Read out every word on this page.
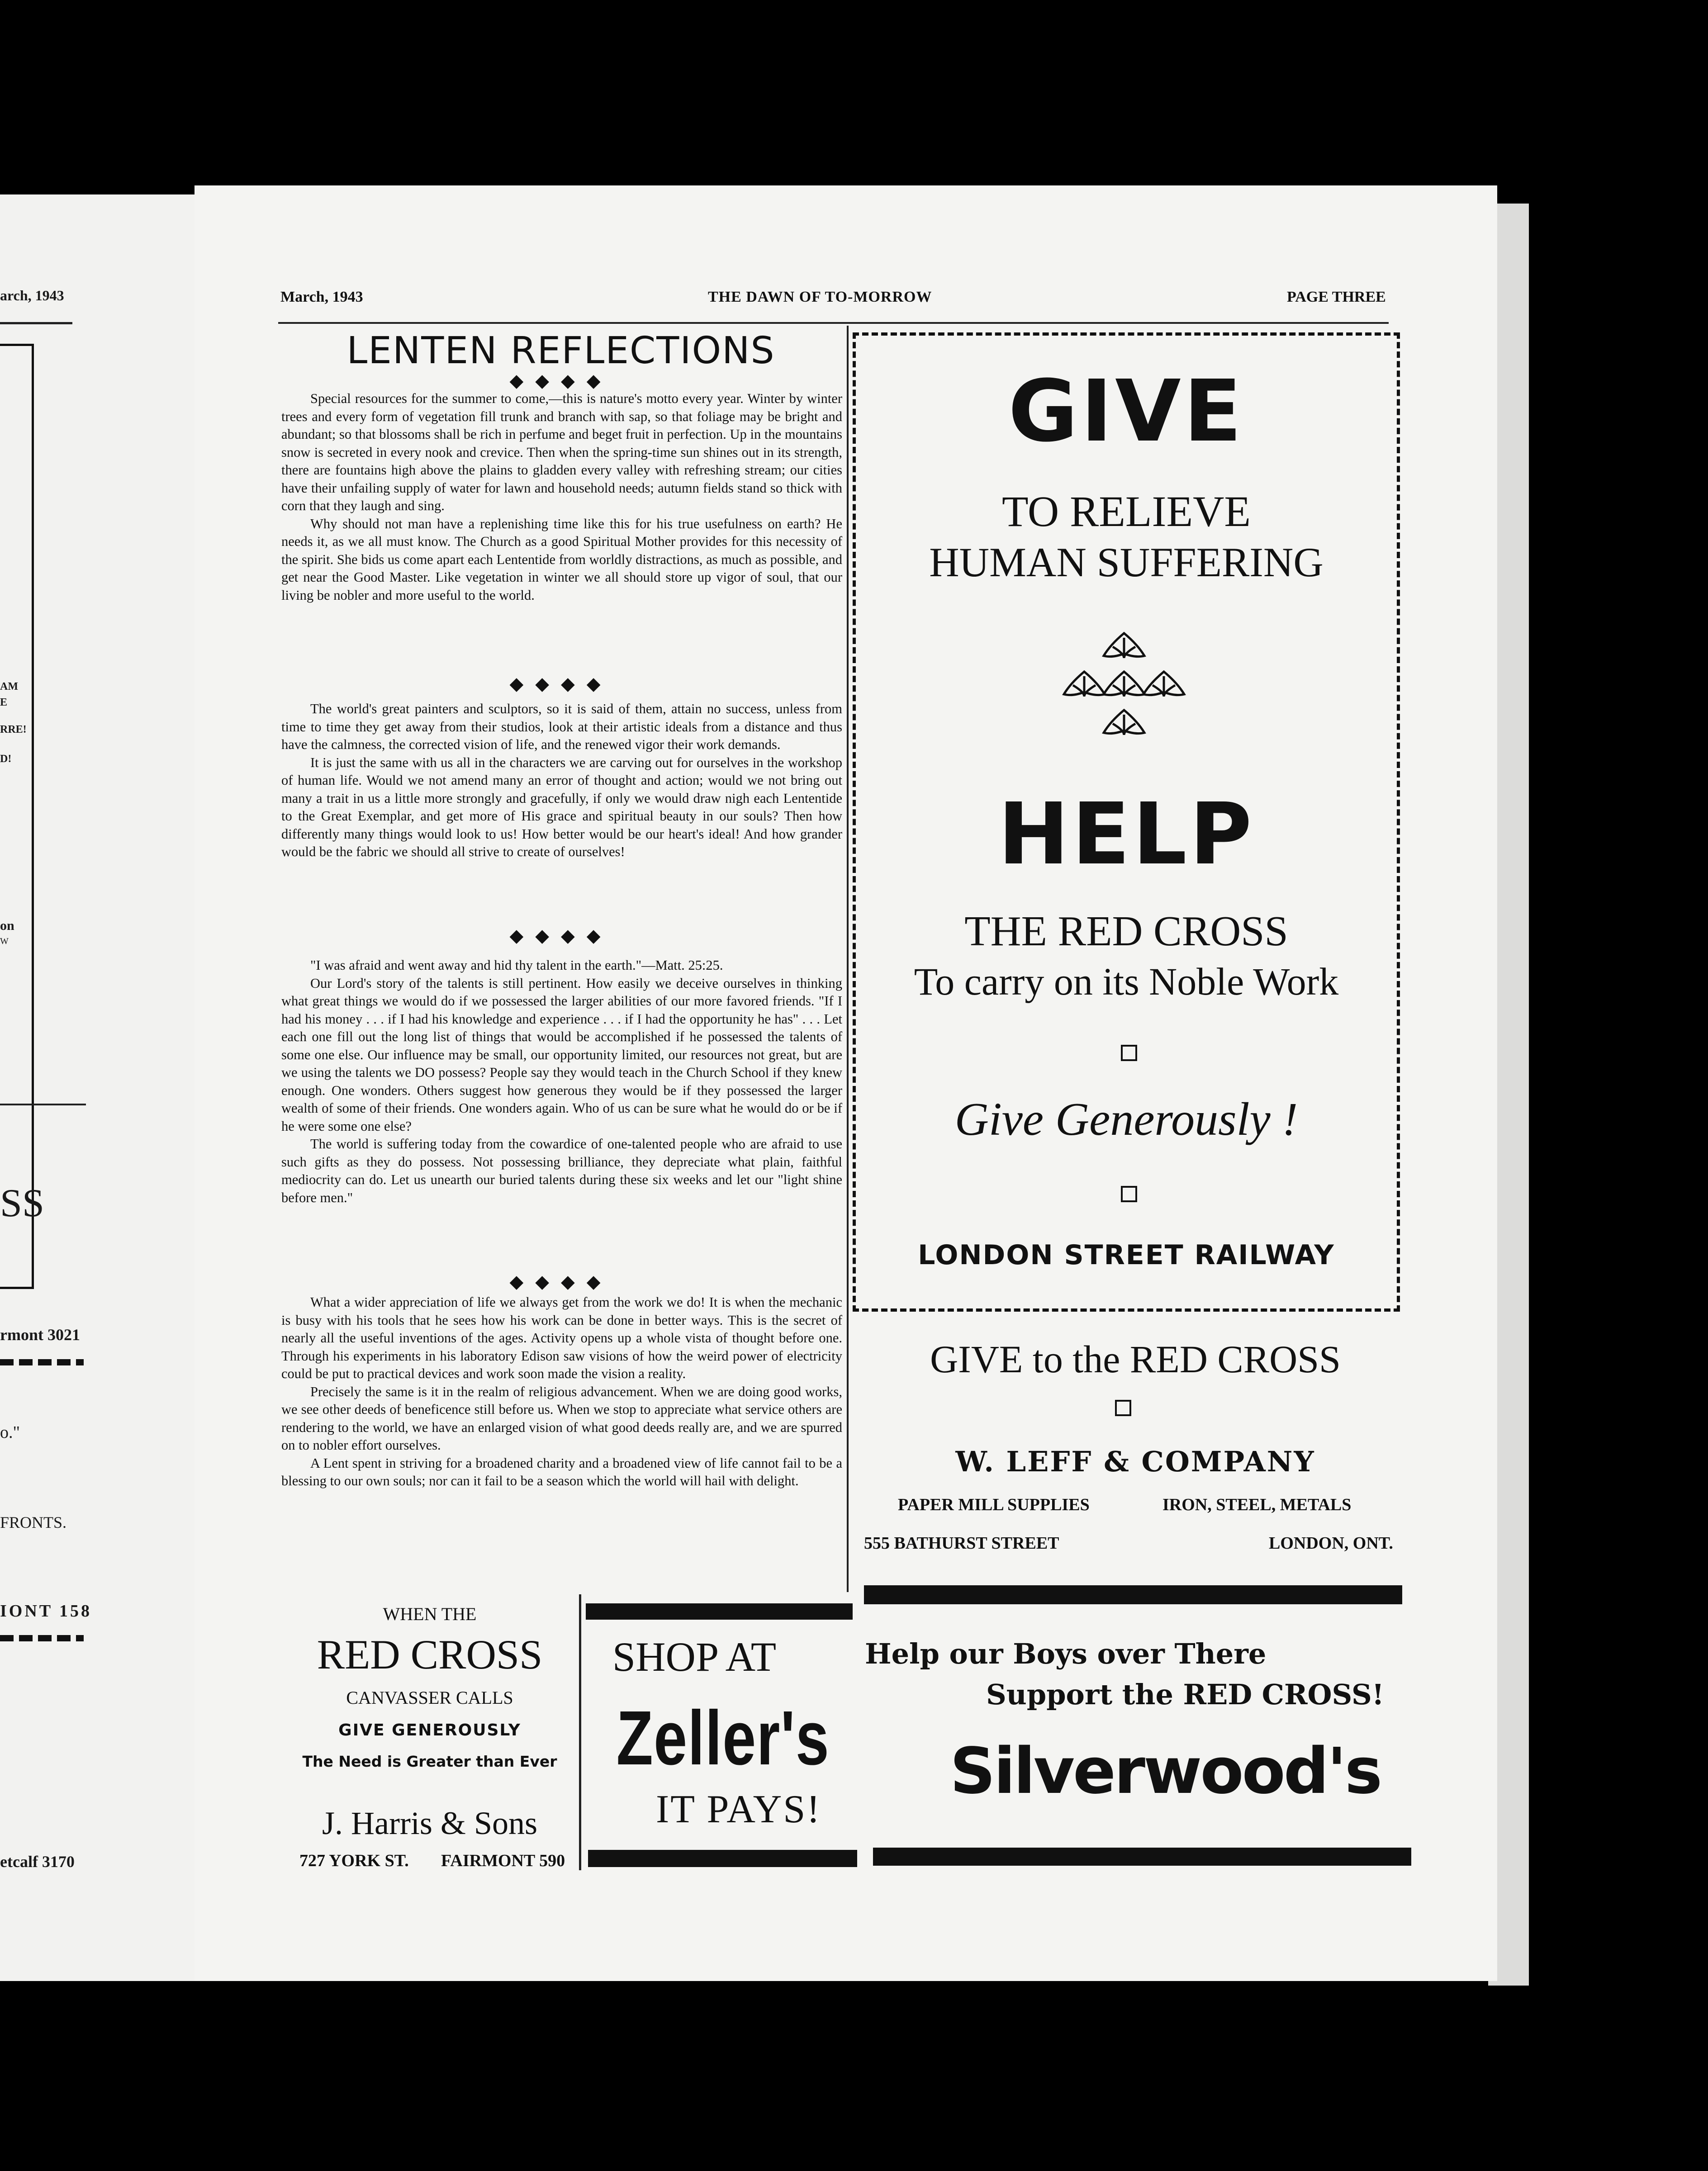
arch, 1943
AM
E
RRE!
D!
on
W
SS
rmont 3021
o."
FRONTS.
IONT 158
etcalf 3170
March, 1943	THE DAWN OF TO-MORROW	PAGE THREE
LENTEN REFLECTIONS
◆◆◆◆

Special resources for the summer to come,—this is nature's motto every year. Winter by winter trees and every form of vegetation fill trunk and branch with sap, so that foliage may be bright and abundant; so that blossoms shall be rich in perfume and beget fruit in perfection. Up in the mountains snow is secreted in every nook and crevice. Then when the spring-time sun shines out in its strength, there are fountains high above the plains to gladden every valley with refreshing stream; our cities have their unfailing supply of water for lawn and household needs; autumn fields stand so thick with corn that they laugh and sing.

Why should not man have a replenishing time like this for his true usefulness on earth? He needs it, as we all must know. The Church as a good Spiritual Mother provides for this necessity of the spirit. She bids us come apart each Lententide from worldly distractions, as much as possible, and get near the Good Master. Like vegetation in winter we all should store up vigor of soul, that our living be nobler and more useful to the world.

◆◆◆◆

The world's great painters and sculptors, so it is said of them, attain no success, unless from time to time they get away from their studios, look at their artistic ideals from a distance and thus have the calmness, the corrected vision of life, and the renewed vigor their work demands.

It is just the same with us all in the characters we are carving out for ourselves in the workshop of human life. Would we not amend many an error of thought and action; would we not bring out many a trait in us a little more strongly and gracefully, if only we would draw nigh each Lententide to the Great Exemplar, and get more of His grace and spiritual beauty in our souls? Then how differently many things would look to us! How better would be our heart's ideal! And how grander would be the fabric we should all strive to create of ourselves!

◆◆◆◆

"I was afraid and went away and hid thy talent in the earth."—Matt. 25:25.

Our Lord's story of the talents is still pertinent. How easily we deceive ourselves in thinking what great things we would do if we possessed the larger abilities of our more favored friends. "If I had his money . . . if I had his knowledge and experience . . . if I had the opportunity he has" . . . Let each one fill out the long list of things that would be accomplished if he possessed the talents of some one else. Our influence may be small, our opportunity limited, our resources not great, but are we using the talents we DO possess? People say they would teach in the Church School if they knew enough. One wonders. Others suggest how generous they would be if they possessed the larger wealth of some of their friends. One wonders again. Who of us can be sure what he would do or be if he were some one else?

The world is suffering today from the cowardice of one-talented people who are afraid to use such gifts as they do possess. Not possessing brilliance, they depreciate what plain, faithful mediocrity can do. Let us unearth our buried talents during these six weeks and let our "light shine before men."

◆◆◆◆

What a wider appreciation of life we always get from the work we do! It is when the mechanic is busy with his tools that he sees how his work can be done in better ways. This is the secret of nearly all the useful inventions of the ages. Activity opens up a whole vista of thought before one. Through his experiments in his laboratory Edison saw visions of how the weird power of electricity could be put to practical devices and work soon made the vision a reality.

Precisely the same is it in the realm of religious advancement. When we are doing good works, we see other deeds of beneficence still before us. When we stop to appreciate what service others are rendering to the world, we have an enlarged vision of what good deeds really are, and we are spurred on to nobler effort ourselves.

A Lent spent in striving for a broadened charity and a broadened view of life cannot fail to be a blessing to our own souls; nor can it fail to be a season which the world will hail with delight.

GIVE
TO RELIEVE
HUMAN SUFFERING
HELP
THE RED CROSS
To carry on its Noble Work
Give Generously !
LONDON STREET RAILWAY
GIVE to the RED CROSS
W. LEFF & COMPANY
PAPER MILL SUPPLIES	IRON, STEEL, METALS
555 BATHURST STREET	LONDON, ONT.
Help our Boys over There
Support the RED CROSS!
Silverwood's
WHEN THE
RED CROSS
CANVASSER CALLS
GIVE GENEROUSLY
The Need is Greater than Ever
J. Harris & Sons
727 YORK ST. FAIRMONT 590
SHOP AT
Zeller's
IT PAYS!
